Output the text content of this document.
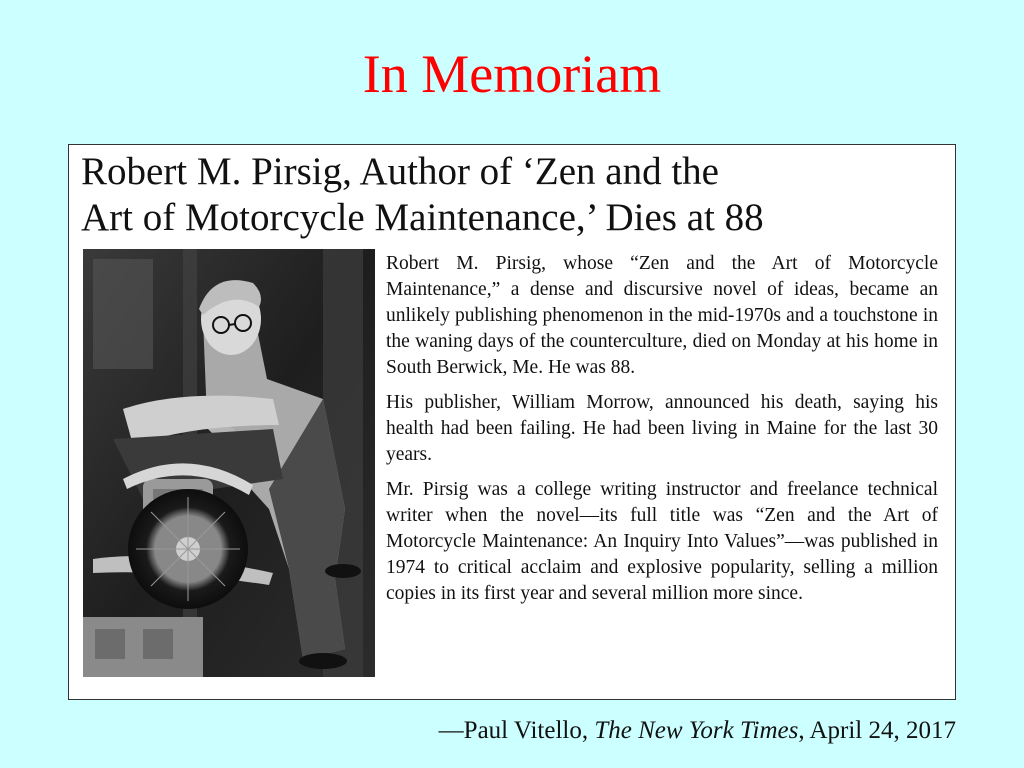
In Memoriam
Robert M. Pirsig, Author of ‘Zen and the
Art of Motorcycle Maintenance,’ Dies at 88

Robert M. Pirsig, whose “Zen and the Art of Motorcycle Maintenance,” a dense and discursive novel of ideas, became an unlikely publishing phenomenon in the mid-1970s and a touchstone in the waning days of the counterculture, died on Monday at his home in South Berwick, Me. He was 88.

His publisher, William Morrow, announced his death, saying his health had been failing. He had been living in Maine for the last 30 years.

Mr. Pirsig was a college writing instructor and freelance technical writer when the novel—its full title was “Zen and the Art of Motorcycle Maintenance: An Inquiry Into Values”—was published in 1974 to critical acclaim and explosive popularity, selling a million copies in its first year and several million more since.

—Paul Vitello, The New York Times, April 24, 2017
